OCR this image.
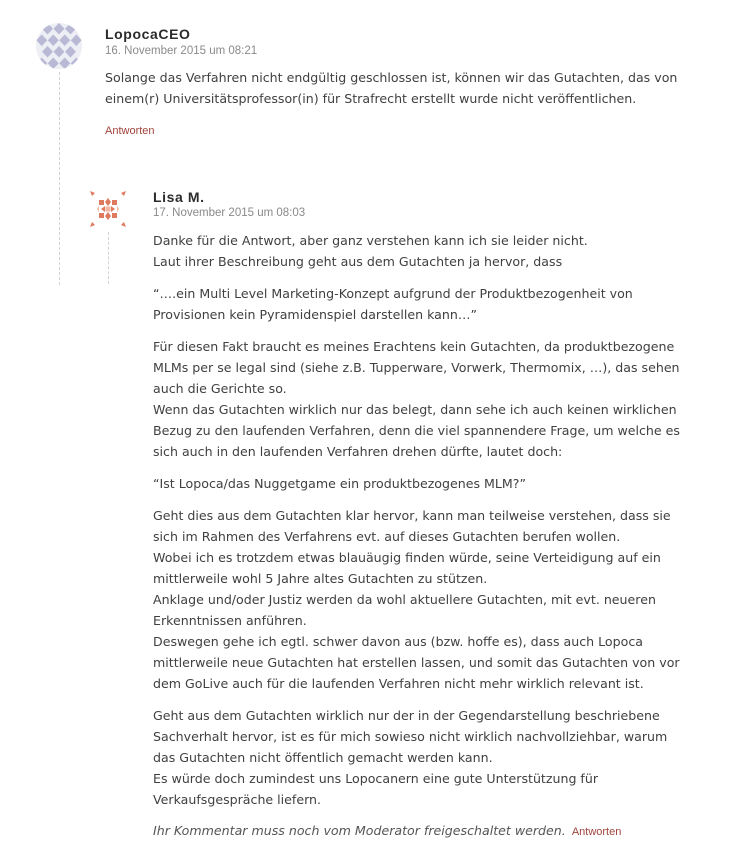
LopocaCEO
16. November 2015 um 08:21
Solange das Verfahren nicht endgültig geschlossen ist, können wir das Gutachten, das von
einem(r) Universitätsprofessor(in) für Strafrecht erstellt wurde nicht veröffentlichen.
Antworten
Lisa M.
17. November 2015 um 08:03
Danke für die Antwort, aber ganz verstehen kann ich sie leider nicht.
Laut ihrer Beschreibung geht aus dem Gutachten ja hervor, dass
“….ein Multi Level Marketing-Konzept aufgrund der Produktbezogenheit von
Provisionen kein Pyramidenspiel darstellen kann…”
Für diesen Fakt braucht es meines Erachtens kein Gutachten, da produktbezogene
MLMs per se legal sind (siehe z.B. Tupperware, Vorwerk, Thermomix, …), das sehen
auch die Gerichte so.
Wenn das Gutachten wirklich nur das belegt, dann sehe ich auch keinen wirklichen
Bezug zu den laufenden Verfahren, denn die viel spannendere Frage, um welche es
sich auch in den laufenden Verfahren drehen dürfte, lautet doch:
“Ist Lopoca/das Nuggetgame ein produktbezogenes MLM?”
Geht dies aus dem Gutachten klar hervor, kann man teilweise verstehen, dass sie
sich im Rahmen des Verfahrens evt. auf dieses Gutachten berufen wollen.
Wobei ich es trotzdem etwas blauäugig finden würde, seine Verteidigung auf ein
mittlerweile wohl 5 Jahre altes Gutachten zu stützen.
Anklage und/oder Justiz werden da wohl aktuellere Gutachten, mit evt. neueren
Erkenntnissen anführen.
Deswegen gehe ich egtl. schwer davon aus (bzw. hoffe es), dass auch Lopoca
mittlerweile neue Gutachten hat erstellen lassen, und somit das Gutachten von vor
dem GoLive auch für die laufenden Verfahren nicht mehr wirklich relevant ist.
Geht aus dem Gutachten wirklich nur der in der Gegendarstellung beschriebene
Sachverhalt hervor, ist es für mich sowieso nicht wirklich nachvollziehbar, warum
das Gutachten nicht öffentlich gemacht werden kann.
Es würde doch zumindest uns Lopocanern eine gute Unterstützung für
Verkaufsgespräche liefern.
Ihr Kommentar muss noch vom Moderator freigeschaltet werden. Antworten
